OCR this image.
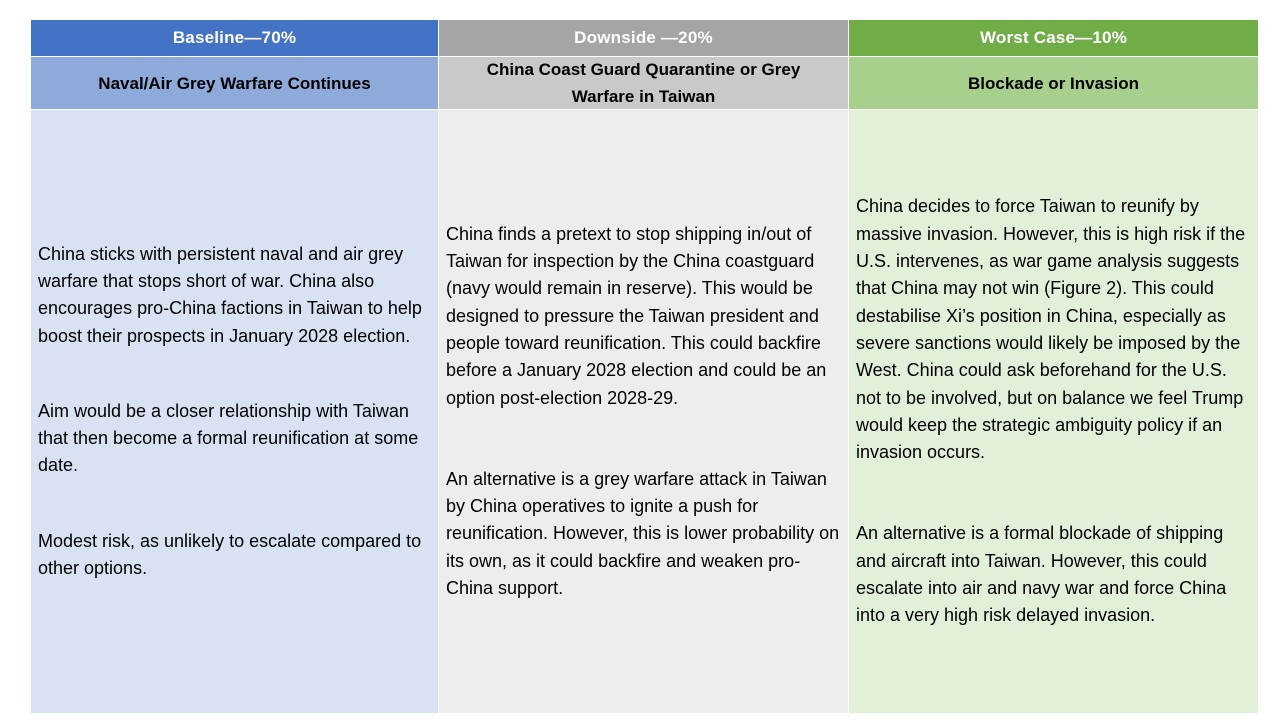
Baseline—70%	Downside —20%	Worst Case—10%
Naval/Air Grey Warfare Continues
China Coast Guard Quarantine or Grey Warfare in Taiwan
Blockade or Invasion

China sticks with persistent naval and air grey warfare that stops short of war. China also encourages pro-China factions in Taiwan to help boost their prospects in January 2028 election.

Aim would be a closer relationship with Taiwan that then become a formal reunification at some date.

Modest risk, as unlikely to escalate compared to other options.

China finds a pretext to stop shipping in/out of Taiwan for inspection by the China coastguard (navy would remain in reserve). This would be designed to pressure the Taiwan president and people toward reunification. This could backfire before a January 2028 election and could be an option post-election 2028-29.

An alternative is a grey warfare attack in Taiwan by China operatives to ignite a push for reunification. However, this is lower probability on its own, as it could backfire and weaken pro-China support.

China decides to force Taiwan to reunify by massive invasion. However, this is high risk if the U.S. intervenes, as war game analysis suggests that China may not win (Figure 2). This could destabilise Xi’s position in China, especially as severe sanctions would likely be imposed by the West. China could ask beforehand for the U.S. not to be involved, but on balance we feel Trump would keep the strategic ambiguity policy if an invasion occurs.

An alternative is a formal blockade of shipping and aircraft into Taiwan. However, this could escalate into air and navy war and force China into a very high risk delayed invasion.
